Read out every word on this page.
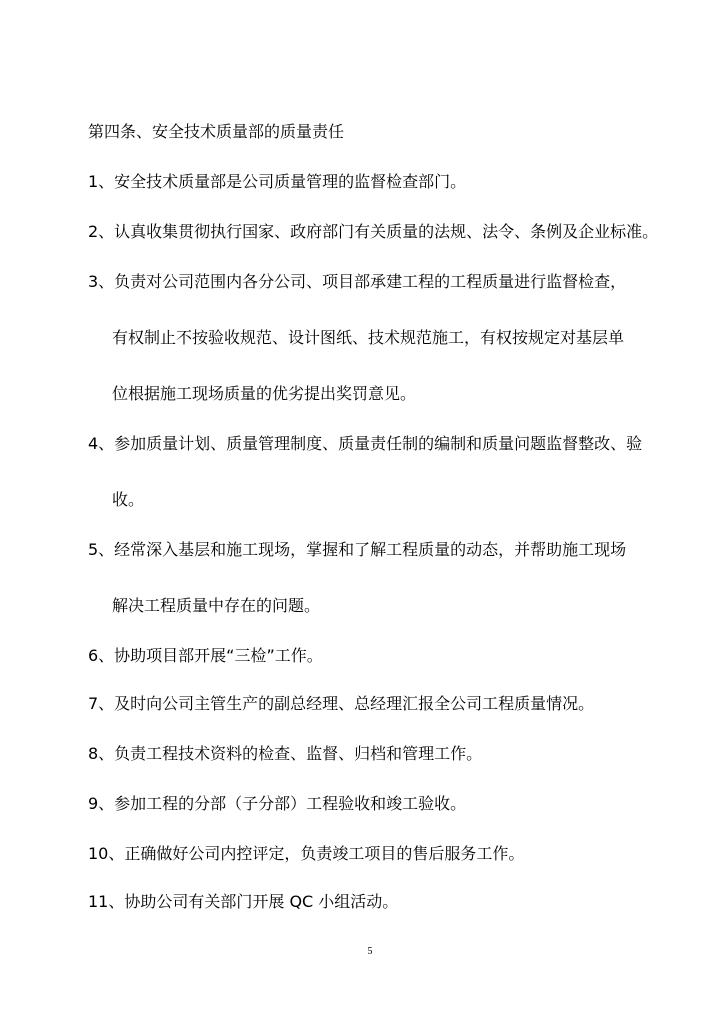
第四条、安全技术质量部的质量责任
1、安全技术质量部是公司质量管理的监督检查部门。
2、认真收集贯彻执行国家、政府部门有关质量的法规、法令、条例及企业标准。
3、负责对公司范围内各分公司、项目部承建工程的工程质量进行监督检查，
有权制止不按验收规范、设计图纸、技术规范施工，有权按规定对基层单
位根据施工现场质量的优劣提出奖罚意见。
4、参加质量计划、质量管理制度、质量责任制的编制和质量问题监督整改、验
收。
5、经常深入基层和施工现场，掌握和了解工程质量的动态，并帮助施工现场
解决工程质量中存在的问题。
6、协助项目部开展“三检”工作。
7、及时向公司主管生产的副总经理、总经理汇报全公司工程质量情况。
8、负责工程技术资料的检查、监督、归档和管理工作。
9、参加工程的分部（子分部）工程验收和竣工验收。
10、正确做好公司内控评定，负责竣工项目的售后服务工作。
11、协助公司有关部门开展 QC 小组活动。
5
